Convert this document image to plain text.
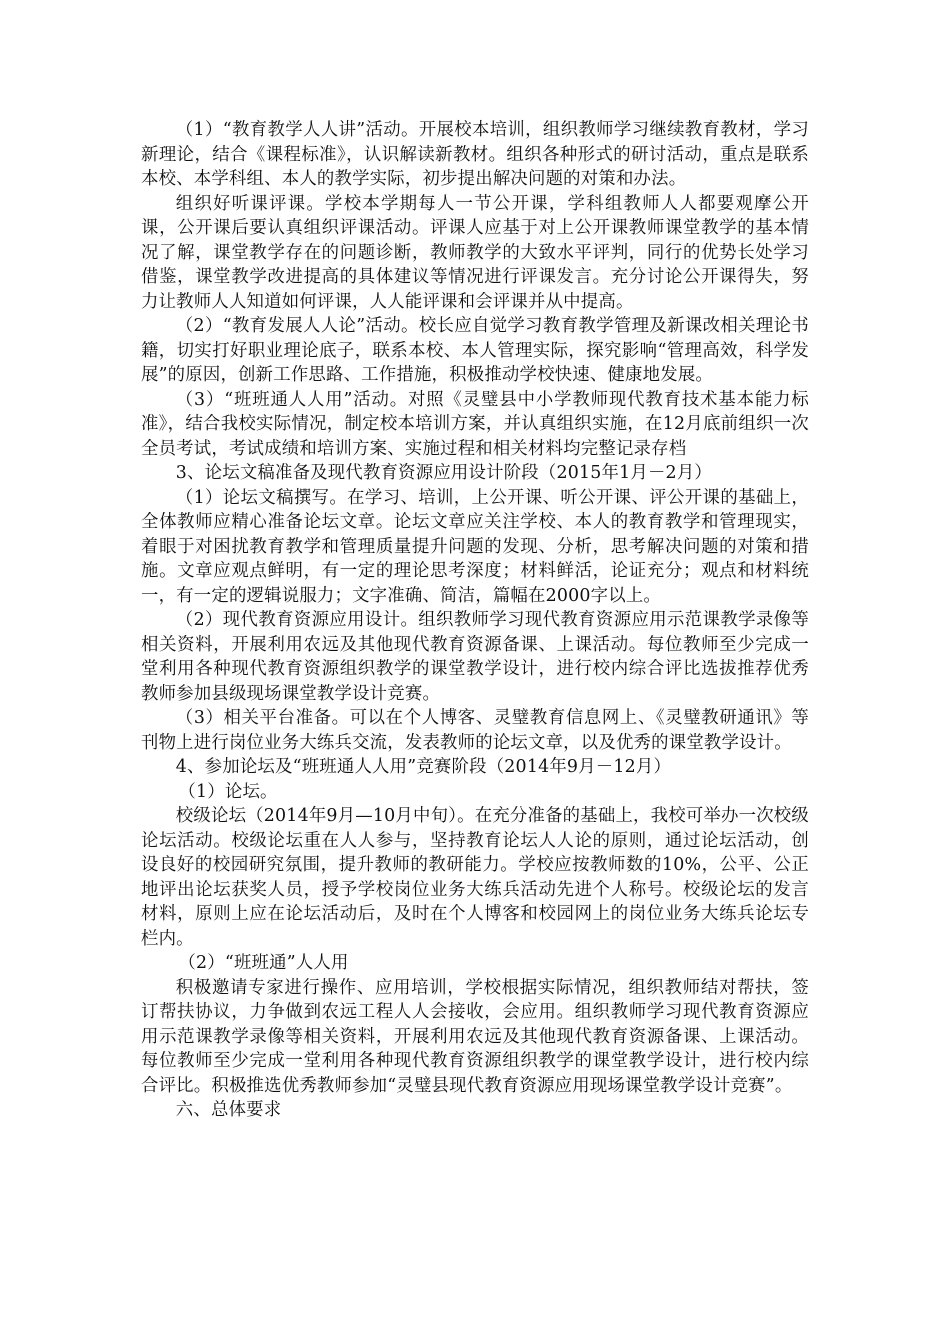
（1）“教育教学人人讲”活动。开展校本培训，组织教师学习继续教育教材，学习新理论，结合《课程标准》，认识解读新教材。组织各种形式的研讨活动，重点是联系本校、本学科组、本人的教学实际，初步提出解决问题的对策和办法。

组织好听课评课。学校本学期每人一节公开课，学科组教师人人都要观摩公开课，公开课后要认真组织评课活动。评课人应基于对上公开课教师课堂教学的基本情况了解，课堂教学存在的问题诊断，教师教学的大致水平评判，同行的优势长处学习借鉴，课堂教学改进提高的具体建议等情况进行评课发言。充分讨论公开课得失，努力让教师人人知道如何评课，人人能评课和会评课并从中提高。

（2）“教育发展人人论”活动。校长应自觉学习教育教学管理及新课改相关理论书籍，切实打好职业理论底子，联系本校、本人管理实际，探究影响“管理高效，科学发展”的原因，创新工作思路、工作措施，积极推动学校快速、健康地发展。

（3）“班班通人人用”活动。对照《灵璧县中小学教师现代教育技术基本能力标准》，结合我校实际情况，制定校本培训方案，并认真组织实施，在12月底前组织一次全员考试，考试成绩和培训方案、实施过程和相关材料均完整记录存档

3、论坛文稿准备及现代教育资源应用设计阶段（2015年1月－2月）

（1）论坛文稿撰写。在学习、培训，上公开课、听公开课、评公开课的基础上，全体教师应精心准备论坛文章。论坛文章应关注学校、本人的教育教学和管理现实，着眼于对困扰教育教学和管理质量提升问题的发现、分析，思考解决问题的对策和措施。文章应观点鲜明，有一定的理论思考深度；材料鲜活，论证充分；观点和材料统一，有一定的逻辑说服力；文字准确、简洁，篇幅在2000字以上。

（2）现代教育资源应用设计。组织教师学习现代教育资源应用示范课教学录像等相关资料，开展利用农远及其他现代教育资源备课、上课活动。每位教师至少完成一堂利用各种现代教育资源组织教学的课堂教学设计，进行校内综合评比选拔推荐优秀教师参加县级现场课堂教学设计竞赛。

（3）相关平台准备。可以在个人博客、灵璧教育信息网上、《灵璧教研通讯》等刊物上进行岗位业务大练兵交流，发表教师的论坛文章，以及优秀的课堂教学设计。

4、参加论坛及“班班通人人用”竞赛阶段（2014年9月－12月）

（1）论坛。

校级论坛（2014年9月—10月中旬）。在充分准备的基础上，我校可举办一次校级论坛活动。校级论坛重在人人参与，坚持教育论坛人人论的原则，通过论坛活动，创设良好的校园研究氛围，提升教师的教研能力。学校应按教师数的10%，公平、公正地评出论坛获奖人员，授予学校岗位业务大练兵活动先进个人称号。校级论坛的发言材料，原则上应在论坛活动后，及时在个人博客和校园网上的岗位业务大练兵论坛专栏内。

（2）“班班通”人人用

积极邀请专家进行操作、应用培训，学校根据实际情况，组织教师结对帮扶，签订帮扶协议，力争做到农远工程人人会接收，会应用。组织教师学习现代教育资源应用示范课教学录像等相关资料，开展利用农远及其他现代教育资源备课、上课活动。每位教师至少完成一堂利用各种现代教育资源组织教学的课堂教学设计，进行校内综合评比。积极推选优秀教师参加“灵璧县现代教育资源应用现场课堂教学设计竞赛”。

六、总体要求
